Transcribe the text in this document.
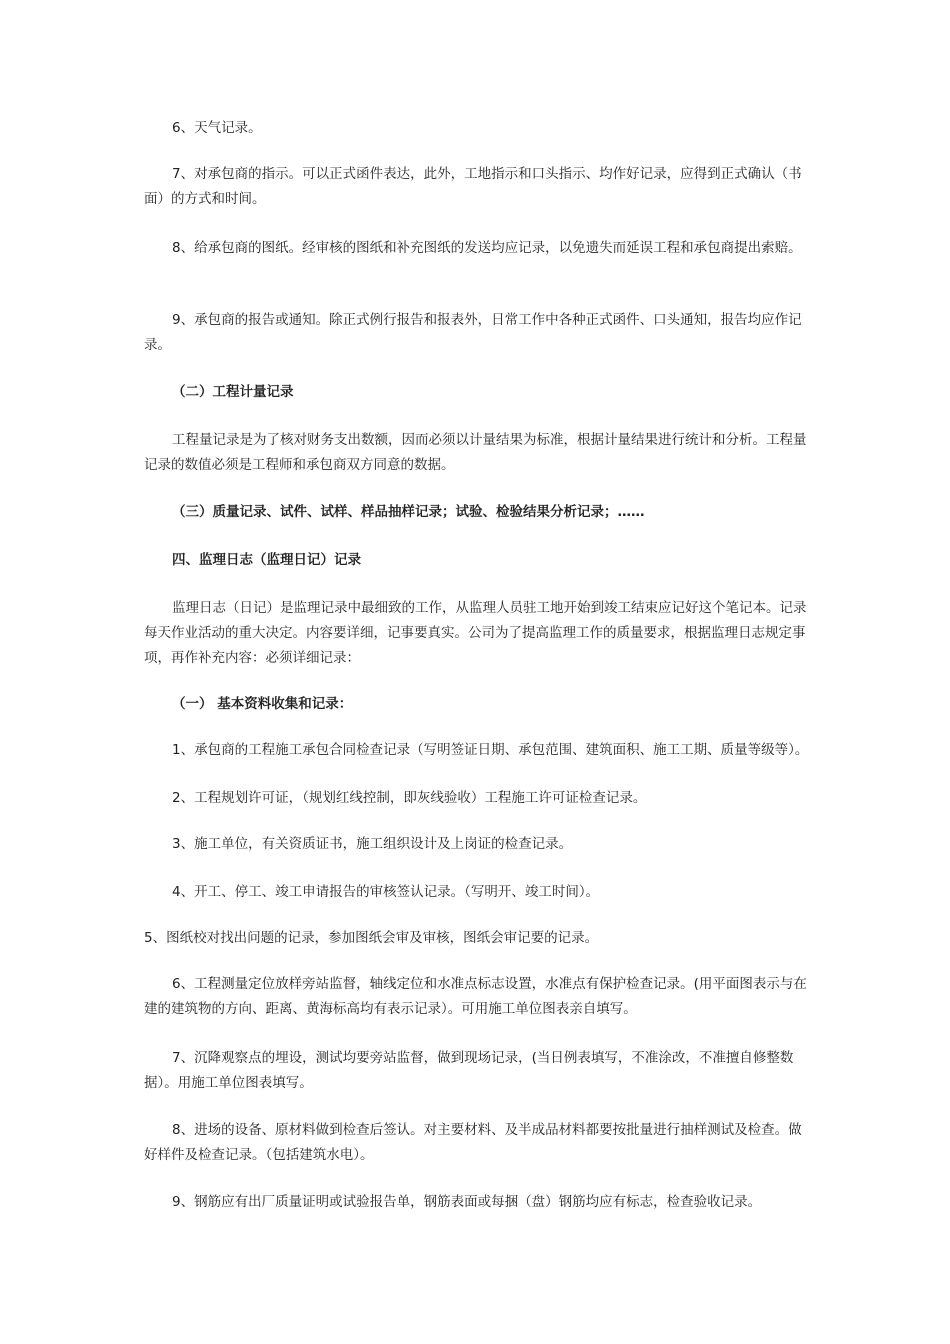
6、天气记录。

7、对承包商的指示。可以正式函件表达，此外，工地指示和口头指示、均作好记录，应得到正式确认（书面）的方式和时间。

8、给承包商的图纸。经审核的图纸和补充图纸的发送均应记录，以免遗失而延误工程和承包商提出索赔。

9、承包商的报告或通知。除正式例行报告和报表外，日常工作中各种正式函件、口头通知，报告均应作记录。

（二）工程计量记录

工程量记录是为了核对财务支出数额，因而必须以计量结果为标准，根据计量结果进行统计和分析。工程量记录的数值必须是工程师和承包商双方同意的数据。

（三）质量记录、试件、试样、样品抽样记录；试验、检验结果分析记录；……

四、监理日志（监理日记）记录

监理日志（日记）是监理记录中最细致的工作，从监理人员驻工地开始到竣工结束应记好这个笔记本。记录每天作业活动的重大决定。内容要详细，记事要真实。公司为了提高监理工作的质量要求，根据监理日志规定事项，再作补充内容：必须详细记录：

（一） 基本资料收集和记录：

1、承包商的工程施工承包合同检查记录（写明签证日期、承包范围、建筑面积、施工工期、质量等级等）。

2、工程规划许可证，（规划红线控制，即灰线验收）工程施工许可证检查记录。

3、施工单位，有关资质证书，施工组织设计及上岗证的检查记录。

4、开工、停工、竣工申请报告的审核签认记录。（写明开、竣工时间）。

5、图纸校对找出问题的记录，参加图纸会审及审核，图纸会审记要的记录。

6、工程测量定位放样旁站监督，轴线定位和水准点标志设置，水准点有保护检查记录。(用平面图表示与在建的建筑物的方向、距离、黄海标高均有表示记录）。可用施工单位图表亲自填写。

7、沉降观察点的埋设，测试均要旁站监督，做到现场记录，(当日例表填写，不准涂改，不准擅自修整数据）。用施工单位图表填写。

8、进场的设备、原材料做到检查后签认。对主要材料、及半成品材料都要按批量进行抽样测试及检查。做好样件及检查记录。（包括建筑水电）。

9、钢筋应有出厂质量证明或试验报告单，钢筋表面或每捆（盘）钢筋均应有标志，检查验收记录。
